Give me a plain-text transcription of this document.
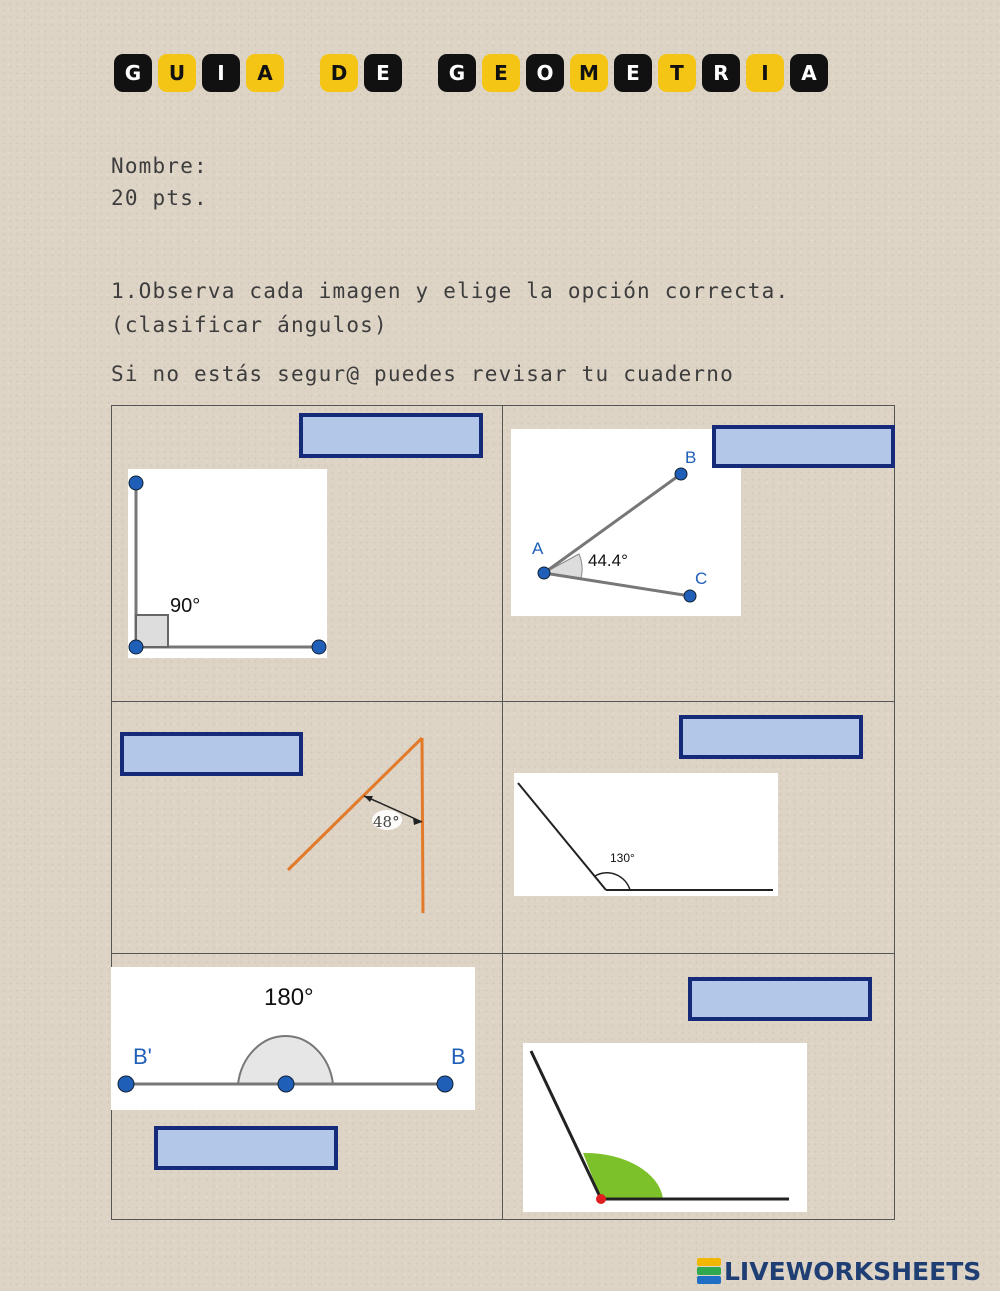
G	U	I	A	D	E	G	E	O	M	E	T	R	I	A
Nombre:
20 pts.
1.Observa cada imagen y elige la opción correcta.
(clasificar ángulos)
Si no estás segur@ puedes revisar tu cuaderno
90°
44.4°
A
B
C
48°
130°
180°
B'	B
LIVEWORKSHEETS
